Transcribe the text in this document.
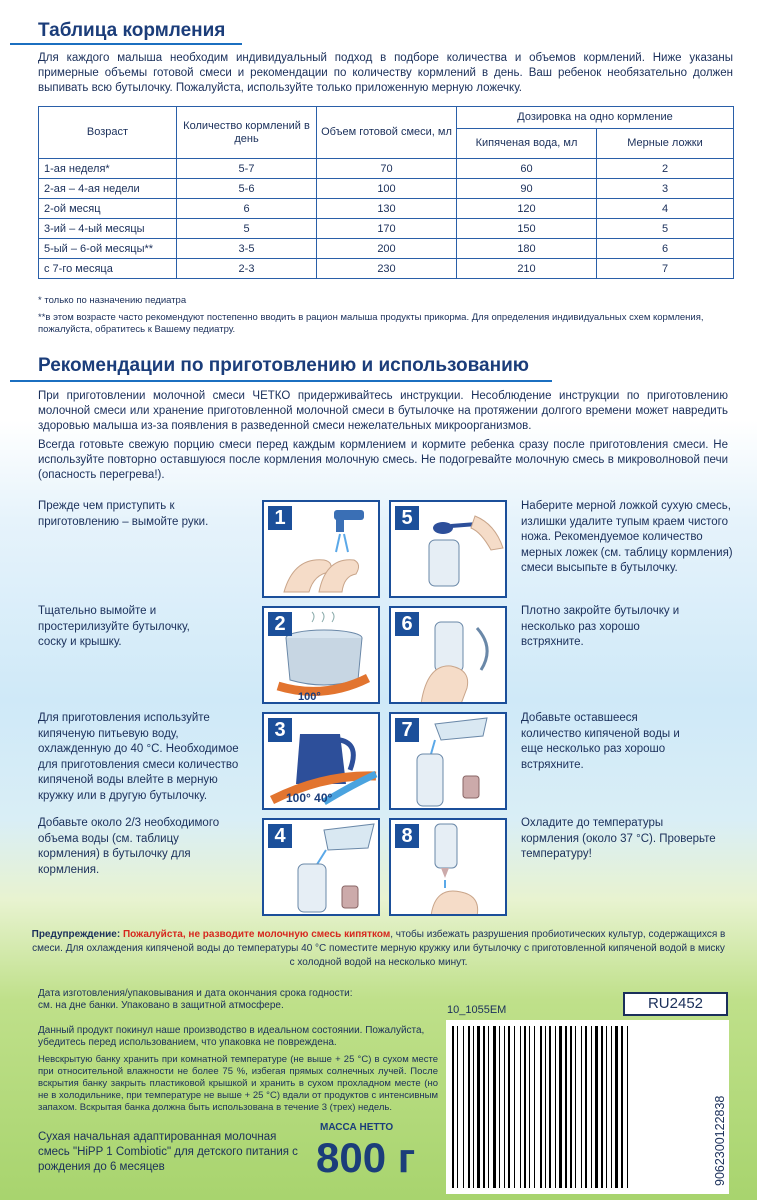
Таблица кормления

Для каждого малыша необходим индивидуальный подход в подборе количества и объемов кормлений. Ниже указаны примерные объемы готовой смеси и рекомендации по количеству кормлений в день. Ваш ребенок необязательно должен выпивать всю бутылочку. Пожалуйста, используйте только приложенную мерную ложечку.

Возраст	Количество кормлений в день	Объем готовой смеси, мл	Дозировка на одно кормление	
			Кипяченая вода, мл	Мерные ложки
1-ая неделя*	5-7	70	60	2
2-ая – 4-ая недели	5-6	100	90	3
2-ой месяц	6	130	120	4
3-ий – 4-ый месяцы	5	170	150	5
5-ый – 6-ой месяцы**	3-5	200	180	6
с 7-го месяца	2-3	230	210	7

* только по назначению педиатра

**в этом возрасте часто рекомендуют постепенно вводить в рацион малыша продукты прикорма. Для определения индивидуальных схем кормления, пожалуйста, обратитесь к Вашему педиатру.

Рекомендации по приготовлению и использованию

При приготовлении молочной смеси ЧЕТКО придерживайтесь инструкции. Несоблюдение инструкции по приготовлению молочной смеси или хранение приготовленной молочной смеси в бутылочке на протяжении долгого времени может навредить здоровью малыша из-за появления в разведенной смеси нежелательных микроорганизмов.

Всегда готовьте свежую порцию смеси перед каждым кормлением и кормите ребенка сразу после приготовления смеси. Не используйте повторно оставшуюся после кормления молочную смесь. Не подогревайте молочную смесь в микроволновой печи (опасность перегрева!).

Прежде чем приступить к приготовлению – вымойте руки.

Тщательно вымойте и простерилизуйте бутылочку, соску и крышку.

Для приготовления используйте кипяченую питьевую воду, охлажденную до 40 °С. Необходимое для приготовления смеси количество кипяченой воды влейте в мерную кружку или в другую бутылочку.

Добавьте около 2/3 необходимого объема воды (см. таблицу кормления) в бутылочку для кормления.

Наберите мерной ложкой сухую смесь, излишки удалите тупым краем чистого ножа. Рекомендуемое количество мерных ложек (см. таблицу кормления) смеси высыпьте в бутылочку.

Плотно закройте бутылочку и несколько раз хорошо встряхните.

Добавьте оставшееся количество кипяченой воды и еще несколько раз хорошо встряхните.

Охладите до температуры кормления (около 37 °С). Проверьте температуру!

1
2
100°
3
100° 40°
4
5
6
7
8

Предупреждение: Пожалуйста, не разводите молочную смесь кипятком, чтобы избежать разрушения пробиотических культур, содержащихся в смеси. Для охлаждения кипяченой воды до температуры 40 °С поместите мерную кружку или бутылочку с приготовленной кипяченой водой в миску с холодной водой на несколько минут.

Дата изготовления/упаковывания и дата окончания срока годности: см. на дне банки. Упаковано в защитной атмосфере.

Данный продукт покинул наше производство в идеальном состоянии. Пожалуйста, убедитесь перед использованием, что упаковка не повреждена.

Невскрытую банку хранить при комнатной температуре (не выше + 25 °С) в сухом месте при относительной влажности не более 75 %, избегая прямых солнечных лучей. После вскрытия банку закрыть пластиковой крышкой и хранить в сухом прохладном месте (но не в холодильнике, при температуре не выше + 25 °С) вдали от продуктов с интенсивным запахом. Вскрытая банка должна быть использована в течение 3 (трех) недель.

Сухая начальная адаптированная молочная смесь "HiPP 1 Combiotic" для детского питания с рождения до 6 месяцев

МАССА НЕТТО

800 г

10_1055EM	RU2452
9062300122838
